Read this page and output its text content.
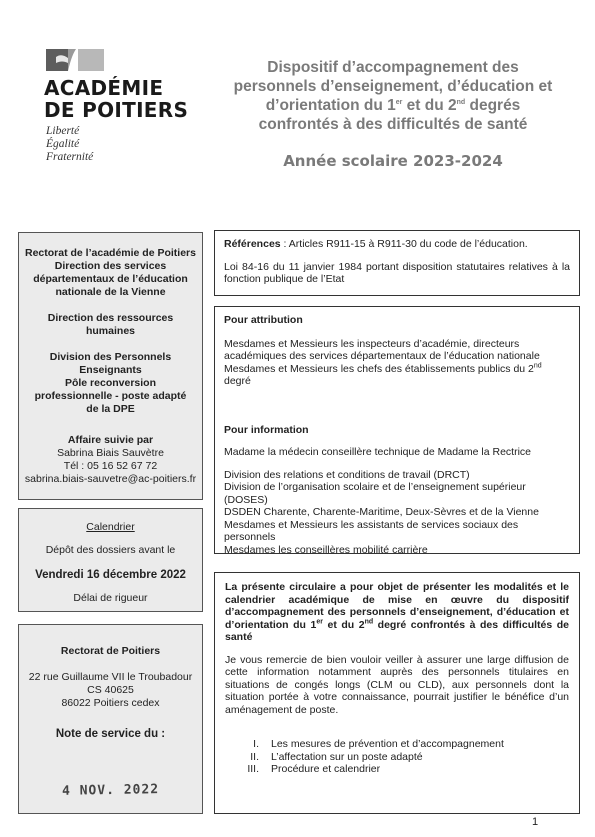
ACADÉMIE
DE POITIERS
Liberté
Égalité
Fraternité
Dispositif d’accompagnement des
personnels d’enseignement, d’éducation et
d’orientation du 1er et du 2nd degrés
confrontés à des difficultés de santé
Année scolaire 2023-2024

Rectorat de l’académie de Poitiers

Direction des services départementaux de l’éducation nationale de la Vienne

Direction des ressources humaines

Division des Personnels Enseignants

Pôle reconversion professionnelle - poste adapté de la DPE

Affaire suivie par

Sabrina Biais Sauvètre

Tél : 05 16 52 67 72

sabrina.biais-sauvetre@ac-poitiers.fr

Calendrier

Dépôt des dossiers avant le

Vendredi 16 décembre 2022

Délai de rigueur

Rectorat de Poitiers

22 rue Guillaume VII le Troubadour

CS 40625

86022 Poitiers cedex

Note de service du :

4 NOV. 2022

Références : Articles R911-15 à R911-30 du code de l’éducation.

Loi 84-16 du 11 janvier 1984 portant disposition statutaires relatives à la fonction publique de l’Etat

Pour attribution

Mesdames et Messieurs les inspecteurs d’académie, directeurs académiques des services départementaux de l’éducation nationale

Mesdames et Messieurs les chefs des établissements publics du 2nd degré

Pour information

Madame la médecin conseillère technique de Madame la Rectrice

Division des relations et conditions de travail (DRCT)

Division de l’organisation scolaire et de l’enseignement supérieur (DOSES)

DSDEN Charente, Charente-Maritime, Deux-Sèvres et de la Vienne

Mesdames et Messieurs les assistants de services sociaux des personnels

Mesdames les conseillères mobilité carrière

La présente circulaire a pour objet de présenter les modalités et le calendrier académique de mise en œuvre du dispositif d’accompagnement des personnels d’enseignement, d’éducation et d’orientation du 1er et du 2nd degré confrontés à des difficultés de santé

Je vous remercie de bien vouloir veiller à assurer une large diffusion de cette information notamment auprès des personnels titulaires en situations de congés longs (CLM ou CLD), aux personnels dont la situation portée à votre connaissance, pourrait justifier le bénéfice d’un aménagement de poste.

I.	Les mesures de prévention et d’accompagnement
II.	L’affectation sur un poste adapté
III.	Procédure et calendrier
1
